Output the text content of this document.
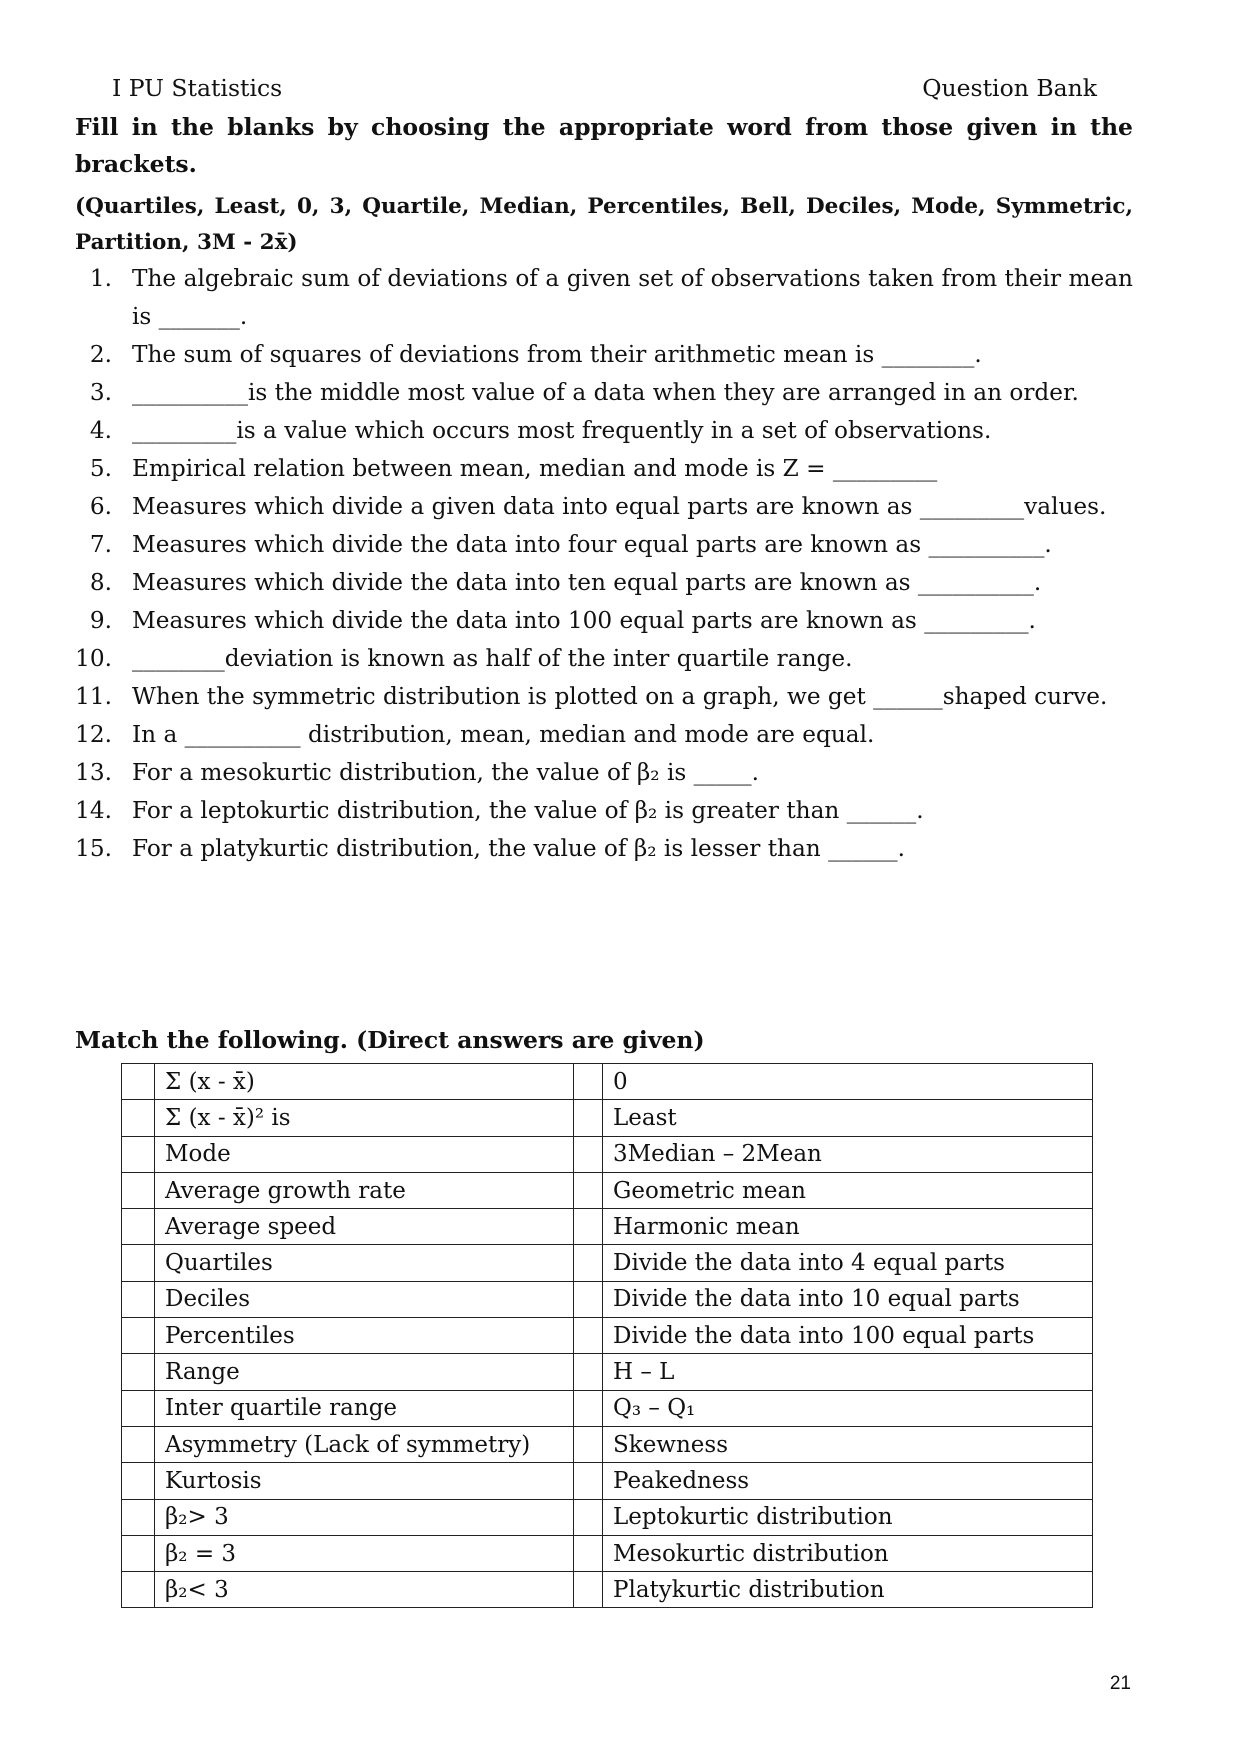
I PU Statistics	Question Bank

Fill in the blanks by choosing the appropriate word from those given in the brackets.

(Quartiles, Least, 0, 3, Quartile, Median, Percentiles, Bell, Deciles, Mode, Symmetric, Partition, 3M - 2x̄)

1. The algebraic sum of deviations of a given set of observations taken from their mean is _______.
2. The sum of squares of deviations from their arithmetic mean is ________.
3. __________is the middle most value of a data when they are arranged in an order.
4. _________is a value which occurs most frequently in a set of observations.
5. Empirical relation between mean, median and mode is Z = _________
6. Measures which divide a given data into equal parts are known as _________values.
7. Measures which divide the data into four equal parts are known as __________.
8. Measures which divide the data into ten equal parts are known as __________.
9. Measures which divide the data into 100 equal parts are known as _________.
10. ________deviation is known as half of the inter quartile range.
11. When the symmetric distribution is plotted on a graph, we get ______shaped curve.
12. In a __________ distribution, mean, median and mode are equal.
13. For a mesokurtic distribution, the value of β₂ is _____.
14. For a leptokurtic distribution, the value of β₂ is greater than ______.
15. For a platykurtic distribution, the value of β₂ is lesser than ______.
Match the following. (Direct answers are given)
	Σ (x - x̄)		0
	Σ (x - x̄)² is		Least
	Mode		3Median – 2Mean
	Average growth rate		Geometric mean
	Average speed		Harmonic mean
	Quartiles		Divide the data into 4 equal parts
	Deciles		Divide the data into 10 equal parts
	Percentiles		Divide the data into 100 equal parts
	Range		H – L
	Inter quartile range		Q₃ – Q₁
	Asymmetry (Lack of symmetry)		Skewness
	Kurtosis		Peakedness
	β₂> 3		Leptokurtic distribution
	β₂ = 3		Mesokurtic distribution
	β₂< 3		Platykurtic distribution
21
